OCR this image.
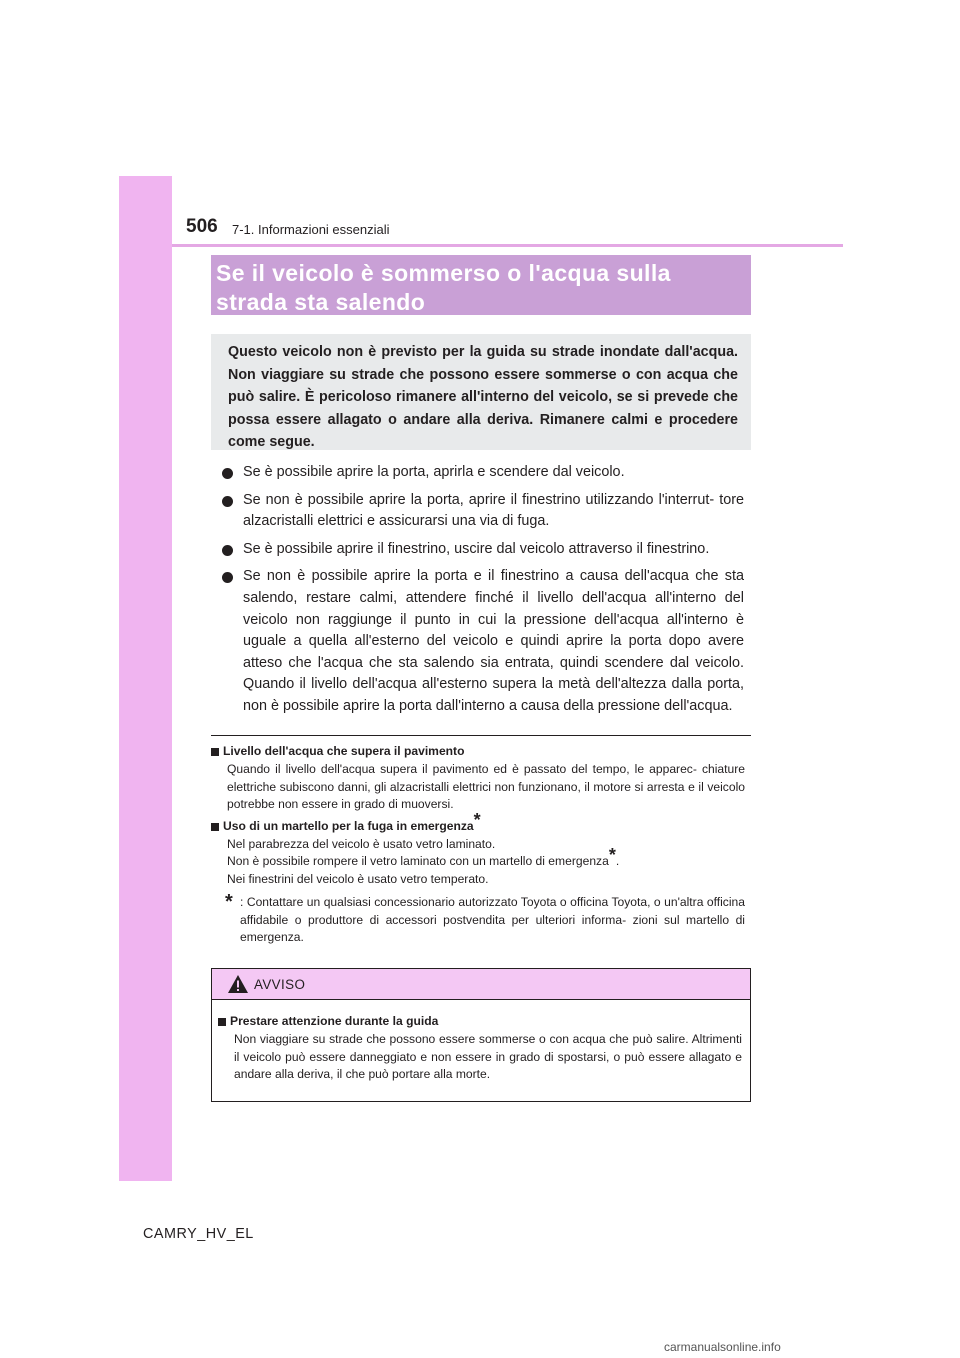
506 7-1. Informazioni essenziali
Se il veicolo è sommerso o l'acqua sulla strada sta salendo
Questo veicolo non è previsto per la guida su strade inondate dall'acqua. Non viaggiare su strade che possono essere sommerse o con acqua che può salire. È pericoloso rimanere all'interno del veicolo, se si prevede che possa essere allagato o andare alla deriva. Rimanere calmi e procedere come segue.
Se è possibile aprire la porta, aprirla e scendere dal veicolo.
Se non è possibile aprire la porta, aprire il finestrino utilizzando l'interrut- tore alzacristalli elettrici e assicurarsi una via di fuga.
Se è possibile aprire il finestrino, uscire dal veicolo attraverso il finestrino.
Se non è possibile aprire la porta e il finestrino a causa dell'acqua che sta salendo, restare calmi, attendere finché il livello dell'acqua all'interno del veicolo non raggiunge il punto in cui la pressione dell'acqua all'interno è uguale a quella all'esterno del veicolo e quindi aprire la porta dopo avere atteso che l'acqua che sta salendo sia entrata, quindi scendere dal veicolo. Quando il livello dell'acqua all'esterno supera la metà dell'altezza dalla porta, non è possibile aprire la porta dall'interno a causa della pressione dell'acqua.
Livello dell'acqua che supera il pavimento
Quando il livello dell'acqua supera il pavimento ed è passato del tempo, le apparec- chiature elettriche subiscono danni, gli alzacristalli elettrici non funzionano, il motore si arresta e il veicolo potrebbe non essere in grado di muoversi.
Uso di un martello per la fuga in emergenza*
Nel parabrezza del veicolo è usato vetro laminato.
Non è possibile rompere il vetro laminato con un martello di emergenza*.
Nei finestrini del veicolo è usato vetro temperato.
* : Contattare un qualsiasi concessionario autorizzato Toyota o officina Toyota, o un'altra officina affidabile o produttore di accessori postvendita per ulteriori informa- zioni sul martello di emergenza.
AVVISO
Prestare attenzione durante la guida
Non viaggiare su strade che possono essere sommerse o con acqua che può salire. Altrimenti il veicolo può essere danneggiato e non essere in grado di spostarsi, o può essere allagato e andare alla deriva, il che può portare alla morte.
CAMRY_HV_EL
carmanualsonline.info
